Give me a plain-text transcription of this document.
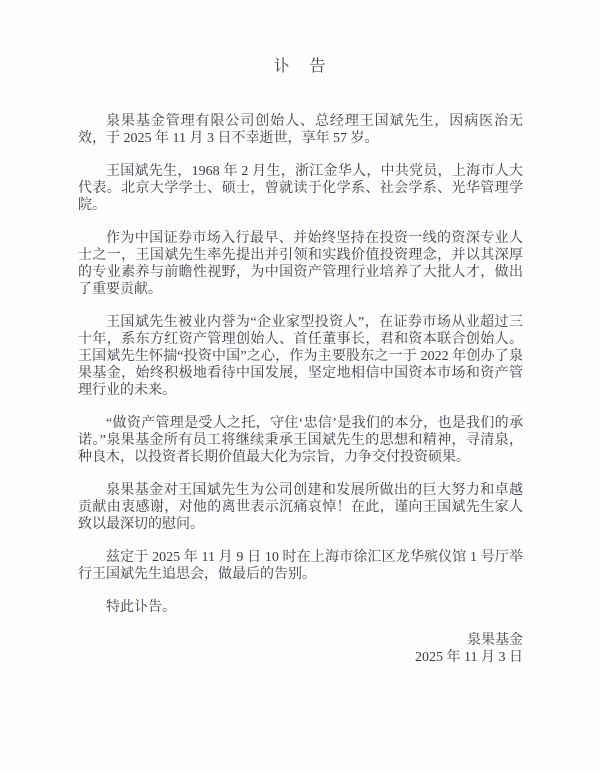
讣　告

泉果基金管理有限公司创始人、总经理王国斌先生，因病医治无效，于 2025 年 11 月 3 日不幸逝世，享年 57 岁。

王国斌先生，1968 年 2 月生，浙江金华人，中共党员，上海市人大代表。北京大学学士、硕士，曾就读于化学系、社会学系、光华管理学院。

作为中国证券市场入行最早、并始终坚持在投资一线的资深专业人士之一，王国斌先生率先提出并引领和实践价值投资理念，并以其深厚的专业素养与前瞻性视野，为中国资产管理行业培养了大批人才，做出了重要贡献。

王国斌先生被业内誉为“企业家型投资人”，在证券市场从业超过三十年，系东方红资产管理创始人、首任董事长，君和资本联合创始人。王国斌先生怀揣“投资中国”之心，作为主要股东之一于 2022 年创办了泉果基金，始终积极地看待中国发展，坚定地相信中国资本市场和资产管理行业的未来。

“做资产管理是受人之托，守住‘忠信’是我们的本分，也是我们的承诺。”泉果基金所有员工将继续秉承王国斌先生的思想和精神，寻清泉，种良木，以投资者长期价值最大化为宗旨，力争交付投资硕果。

泉果基金对王国斌先生为公司创建和发展所做出的巨大努力和卓越贡献由衷感谢，对他的离世表示沉痛哀悼！在此，谨向王国斌先生家人致以最深切的慰问。

兹定于 2025 年 11 月 9 日 10 时在上海市徐汇区龙华殡仪馆 1 号厅举行王国斌先生追思会，做最后的告别。

特此讣告。

泉果基金

2025 年 11 月 3 日
